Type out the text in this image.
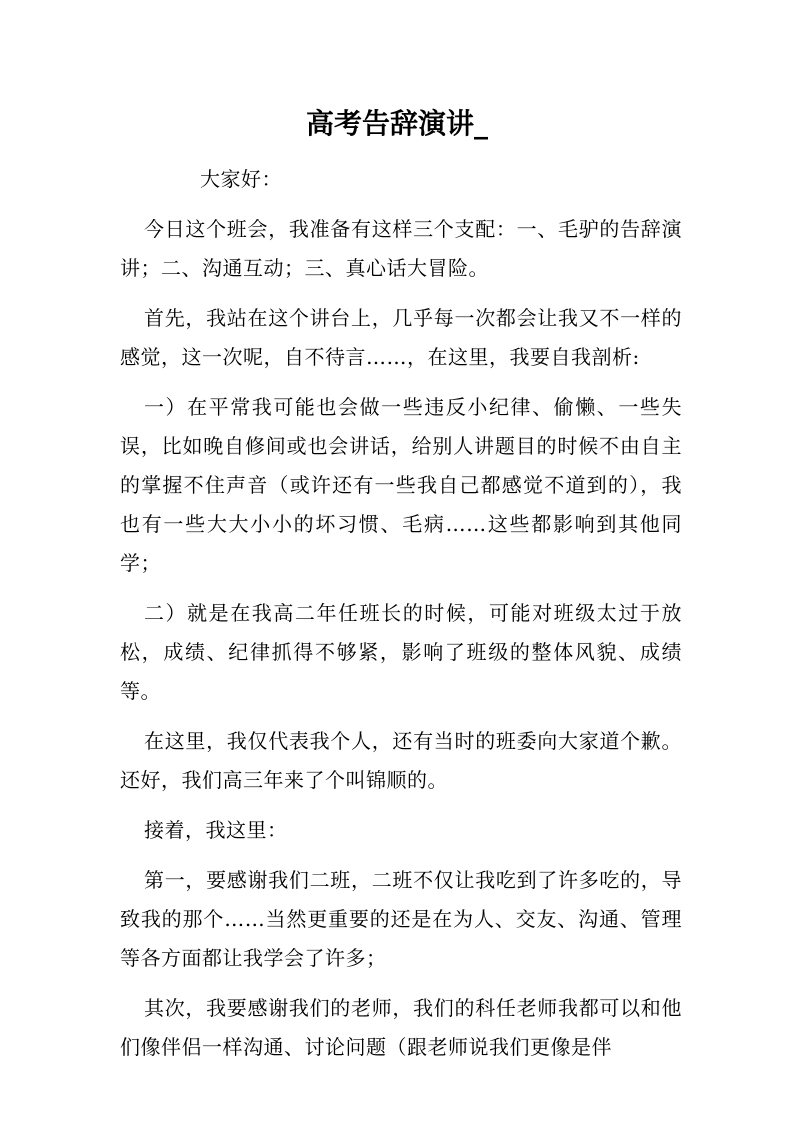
高考告辞演讲_

大家好：

今日这个班会，我准备有这样三个支配：一、毛驴的告辞演讲；二、沟通互动；三、真心话大冒险。

首先，我站在这个讲台上，几乎每一次都会让我又不一样的感觉，这一次呢，自不待言……，在这里，我要自我剖析:

一）在平常我可能也会做一些违反小纪律、偷懒、一些失误，比如晚自修间或也会讲话，给别人讲题目的时候不由自主的掌握不住声音（或许还有一些我自己都感觉不道到的），我也有一些大大小小的坏习惯、毛病……这些都影响到其他同学；

二）就是在我高二年任班长的时候，可能对班级太过于放松，成绩、纪律抓得不够紧，影响了班级的整体风貌、成绩等。

在这里，我仅代表我个人，还有当时的班委向大家道个歉。还好，我们高三年来了个叫锦顺的。

接着，我这里：

第一，要感谢我们二班，二班不仅让我吃到了许多吃的，导致我的那个……当然更重要的还是在为人、交友、沟通、管理等各方面都让我学会了许多；

其次，我要感谢我们的老师，我们的科任老师我都可以和他们像伴侣一样沟通、讨论问题（跟老师说我们更像是伴
